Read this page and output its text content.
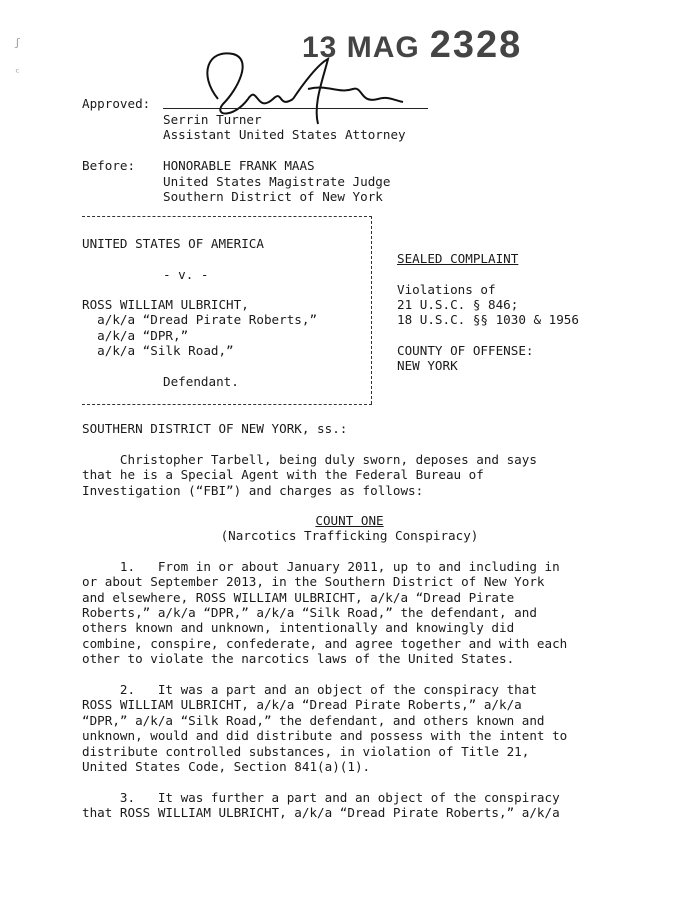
ʃ
ᶜ
13 MAG 2328
Approved:
Serrin Turner
Assistant United States Attorney
Before: HONORABLE FRANK MAAS
United States Magistrate Judge
Southern District of New York
UNITED STATES OF AMERICA
- v. -
ROSS WILLIAM ULBRICHT,
a/k/a “Dread Pirate Roberts,”
a/k/a “DPR,”
a/k/a “Silk Road,”
Defendant.
SEALED COMPLAINT
Violations of
21 U.S.C. § 846;
18 U.S.C. §§ 1030 & 1956
COUNTY OF OFFENSE:
NEW YORK
SOUTHERN DISTRICT OF NEW YORK, ss.:
Christopher Tarbell, being duly sworn, deposes and says
that he is a Special Agent with the Federal Bureau of
Investigation (“FBI”) and charges as follows:
COUNT ONE
(Narcotics Trafficking Conspiracy)
1.   From in or about January 2011, up to and including in
or about September 2013, in the Southern District of New York
and elsewhere, ROSS WILLIAM ULBRICHT, a/k/a “Dread Pirate
Roberts,” a/k/a “DPR,” a/k/a “Silk Road,” the defendant, and
others known and unknown, intentionally and knowingly did
combine, conspire, confederate, and agree together and with each
other to violate the narcotics laws of the United States.
2.   It was a part and an object of the conspiracy that
ROSS WILLIAM ULBRICHT, a/k/a “Dread Pirate Roberts,” a/k/a
“DPR,” a/k/a “Silk Road,” the defendant, and others known and
unknown, would and did distribute and possess with the intent to
distribute controlled substances, in violation of Title 21,
United States Code, Section 841(a)(1).
3.   It was further a part and an object of the conspiracy
that ROSS WILLIAM ULBRICHT, a/k/a “Dread Pirate Roberts,” a/k/a
